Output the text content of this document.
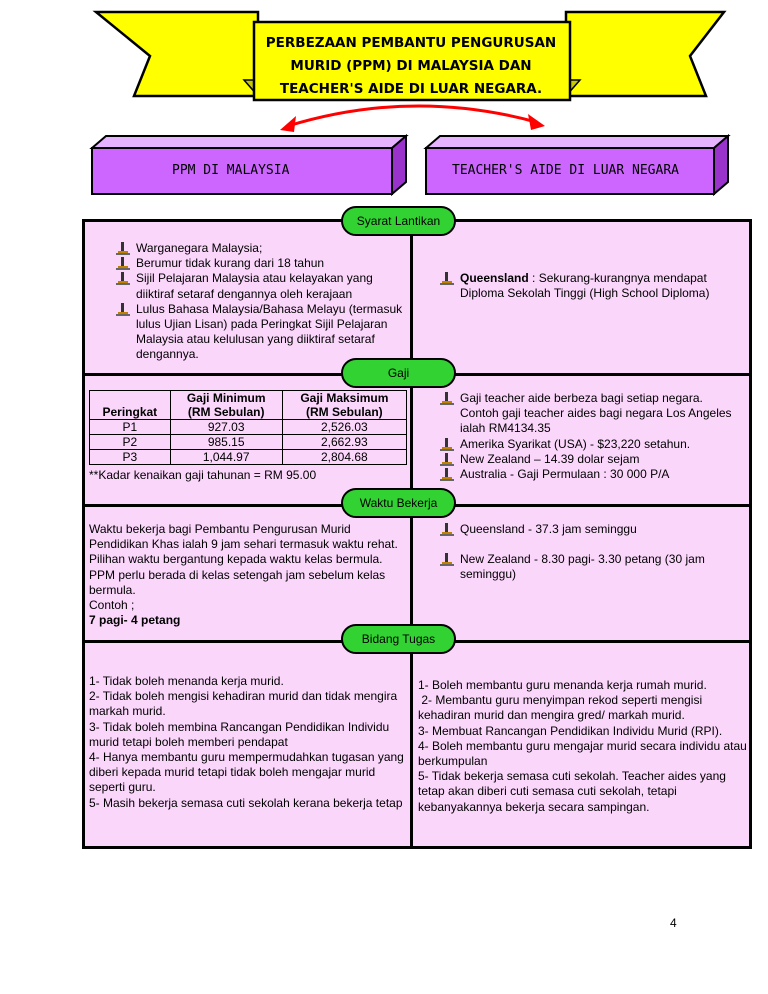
PERBEZAAN PEMBANTU PENGURUSAN
MURID (PPM) DI MALAYSIA DAN
TEACHER'S AIDE DI LUAR NEGARA.
PPM DI MALAYSIA	TEACHER'S AIDE DI LUAR NEGARA
Syarat Lantikan
Gaji
Waktu Bekerja
Bidang Tugas
Warganegara Malaysia;
Berumur tidak kurang dari 18 tahun
Sijil Pelajaran Malaysia atau kelayakan yang diiktiraf setaraf dengannya oleh kerajaan
Lulus Bahasa Malaysia/Bahasa Melayu (termasuk lulus Ujian Lisan) pada Peringkat Sijil Pelajaran Malaysia atau kelulusan yang diiktiraf setaraf dengannya.
Queensland : Sekurang-kurangnya mendapat Diploma Sekolah Tinggi (High School Diploma)
	Gaji Minimum	Gaji Maksimum
Peringkat	(RM Sebulan)	(RM Sebulan)
P1	927.03	2,526.03
P2	985.15	2,662.93
P3	1,044.97	2,804.68
**Kadar kenaikan gaji tahunan = RM 95.00
Gaji teacher aide berbeza bagi setiap negara. Contoh gaji teacher aides bagi negara Los Angeles ialah RM4134.35
Amerika Syarikat (USA) - $23,220 setahun.
New Zealand – 14.39 dolar sejam
Australia - Gaji Permulaan : 30 000 P/A

Waktu bekerja bagi Pembantu Pengurusan Murid Pendidikan Khas ialah 9 jam sehari termasuk waktu rehat. Pilihan waktu bergantung kepada waktu kelas bermula. PPM perlu berada di kelas setengah jam sebelum kelas bermula.

Contoh ;

7 pagi- 4 petang

Queensland - 37.3 jam seminggu
New Zealand - 8.30 pagi- 3.30 petang (30 jam seminggu)

1- Tidak boleh menanda kerja murid.

2- Tidak boleh mengisi kehadiran murid dan tidak mengira markah murid.

3- Tidak boleh membina Rancangan Pendidikan Individu murid tetapi boleh memberi pendapat

4- Hanya membantu guru mempermudahkan tugasan yang diberi kepada murid tetapi tidak boleh mengajar murid seperti guru.

5- Masih bekerja semasa cuti sekolah kerana bekerja tetap

1- Boleh membantu guru menanda kerja rumah murid.

2- Membantu guru menyimpan rekod seperti mengisi kehadiran murid dan mengira gred/ markah murid.

3- Membuat Rancangan Pendidikan Individu Murid (RPI).

4- Boleh membantu guru mengajar murid secara individu atau berkumpulan

5- Tidak bekerja semasa cuti sekolah. Teacher aides yang tetap akan diberi cuti semasa cuti sekolah, tetapi kebanyakannya bekerja secara sampingan.

4
